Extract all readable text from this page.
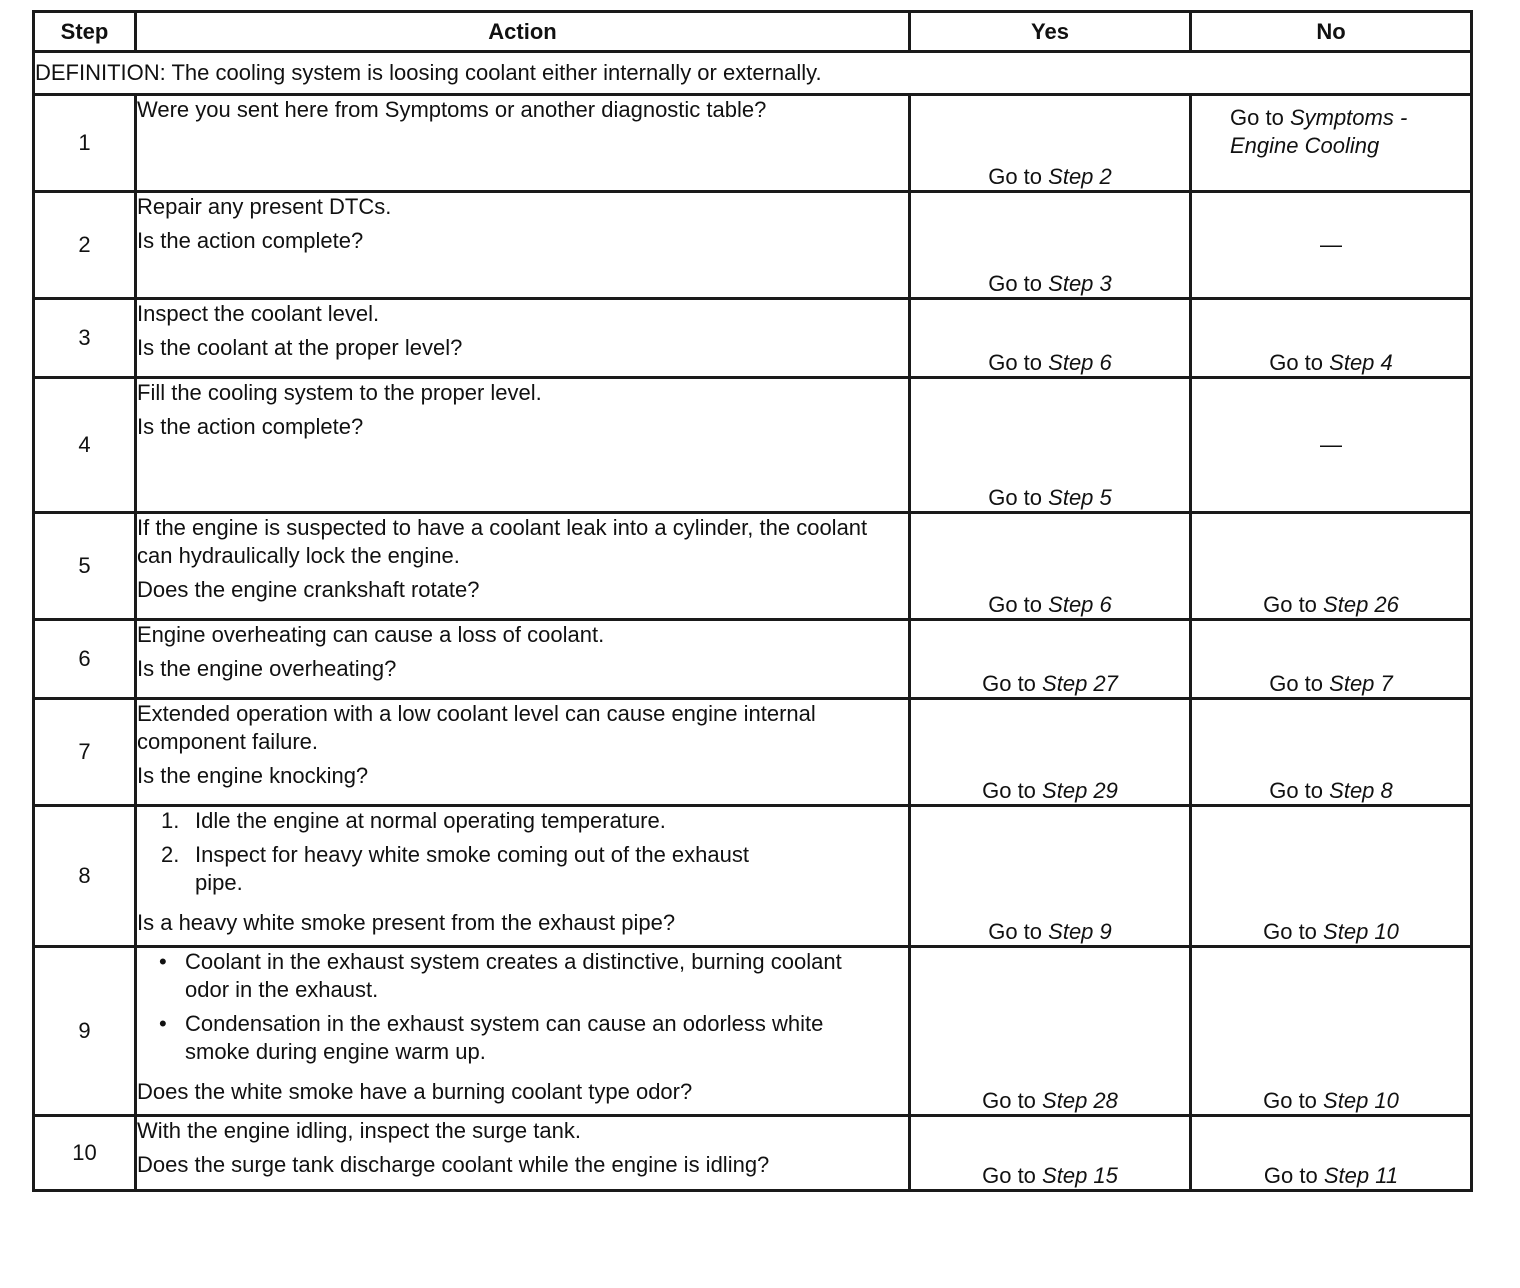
Step	Action	Yes	No
DEFINITION: The cooling system is loosing coolant either internally or externally.			
1	Were you sent here from Symptoms or another diagnostic table?	Go to Step 2	Go to Symptoms - Engine Cooling
2	Repair any present DTCs.

Is the action complete?	Go to Step 3	—
3	Inspect the coolant level.

Is the coolant at the proper level?	Go to Step 6	Go to Step 4
4	Fill the cooling system to the proper level.

Is the action complete?	Go to Step 5	—
5	If the engine is suspected to have a coolant leak into a cylinder, the coolant can hydraulically lock the engine.

Does the engine crankshaft rotate?	Go to Step 6	Go to Step 26
6	Engine overheating can cause a loss of coolant.

Is the engine overheating?	Go to Step 27	Go to Step 7
7	Extended operation with a low coolant level can cause engine internal component failure.

Is the engine knocking?	Go to Step 29	Go to Step 8
8	1. Idle the engine at normal operating temperature.
2. Inspect for heavy white smoke coming out of the exhaust pipe.

Is a heavy white smoke present from the exhaust pipe?	Go to Step 9	Go to Step 10
9	• Coolant in the exhaust system creates a distinctive, burning coolant odor in the exhaust.
• Condensation in the exhaust system can cause an odorless white smoke during engine warm up.

Does the white smoke have a burning coolant type odor?	Go to Step 28	Go to Step 10
10	With the engine idling, inspect the surge tank.

Does the surge tank discharge coolant while the engine is idling?	Go to Step 15	Go to Step 11
